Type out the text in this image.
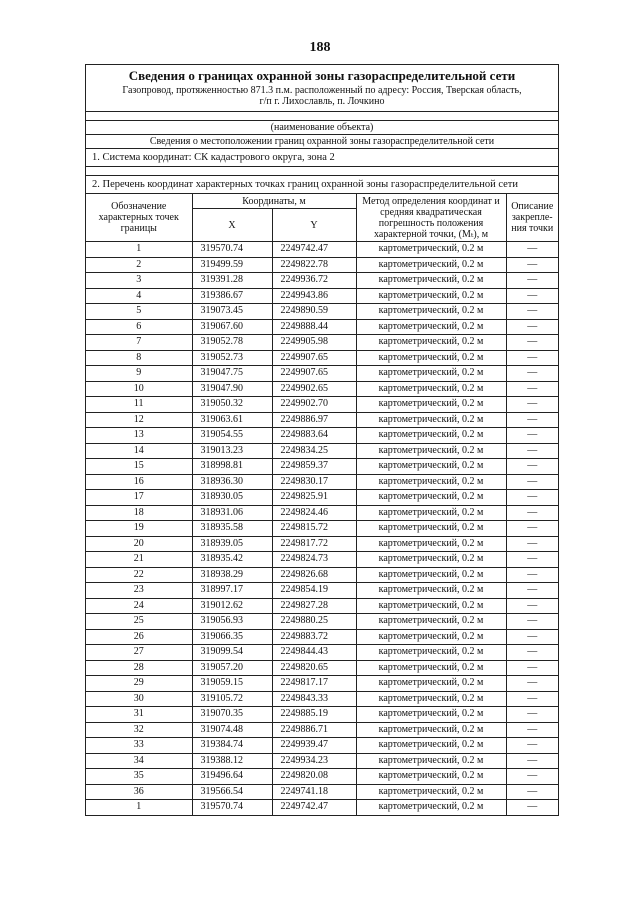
188
Сведения о границах охранной зоны газораспределительной сети
Газопровод, протяженностью 871.3 п.м. расположенный по адресу: Россия, Тверская область,
г/п г. Лихославль, п. Лочкино
(наименование объекта)
Сведения о местоположении границ охранной зоны газораспределительной сети
1. Система координат: СК кадастрового округа, зона 2
2. Перечень координат характерных точках границ охранной зоны газораспределительной сети
Обозначение характерных точек границы	Координаты, м		Метод определения координат и средняя квадратическая погрешность положения характерной точки, (Mₜ), м	Описание закрепле-ния точки
	X	Y		
1	319570.74	2249742.47	картометрический, 0.2 м	—
2	319499.59	2249822.78	картометрический, 0.2 м	—
3	319391.28	2249936.72	картометрический, 0.2 м	—
4	319386.67	2249943.86	картометрический, 0.2 м	—
5	319073.45	2249890.59	картометрический, 0.2 м	—
6	319067.60	2249888.44	картометрический, 0.2 м	—
7	319052.78	2249905.98	картометрический, 0.2 м	—
8	319052.73	2249907.65	картометрический, 0.2 м	—
9	319047.75	2249907.65	картометрический, 0.2 м	—
10	319047.90	2249902.65	картометрический, 0.2 м	—
11	319050.32	2249902.70	картометрический, 0.2 м	—
12	319063.61	2249886.97	картометрический, 0.2 м	—
13	319054.55	2249883.64	картометрический, 0.2 м	—
14	319013.23	2249834.25	картометрический, 0.2 м	—
15	318998.81	2249859.37	картометрический, 0.2 м	—
16	318936.30	2249830.17	картометрический, 0.2 м	—
17	318930.05	2249825.91	картометрический, 0.2 м	—
18	318931.06	2249824.46	картометрический, 0.2 м	—
19	318935.58	2249815.72	картометрический, 0.2 м	—
20	318939.05	2249817.72	картометрический, 0.2 м	—
21	318935.42	2249824.73	картометрический, 0.2 м	—
22	318938.29	2249826.68	картометрический, 0.2 м	—
23	318997.17	2249854.19	картометрический, 0.2 м	—
24	319012.62	2249827.28	картометрический, 0.2 м	—
25	319056.93	2249880.25	картометрический, 0.2 м	—
26	319066.35	2249883.72	картометрический, 0.2 м	—
27	319099.54	2249844.43	картометрический, 0.2 м	—
28	319057.20	2249820.65	картометрический, 0.2 м	—
29	319059.15	2249817.17	картометрический, 0.2 м	—
30	319105.72	2249843.33	картометрический, 0.2 м	—
31	319070.35	2249885.19	картометрический, 0.2 м	—
32	319074.48	2249886.71	картометрический, 0.2 м	—
33	319384.74	2249939.47	картометрический, 0.2 м	—
34	319388.12	2249934.23	картометрический, 0.2 м	—
35	319496.64	2249820.08	картометрический, 0.2 м	—
36	319566.54	2249741.18	картометрический, 0.2 м	—
1	319570.74	2249742.47	картометрический, 0.2 м	—
